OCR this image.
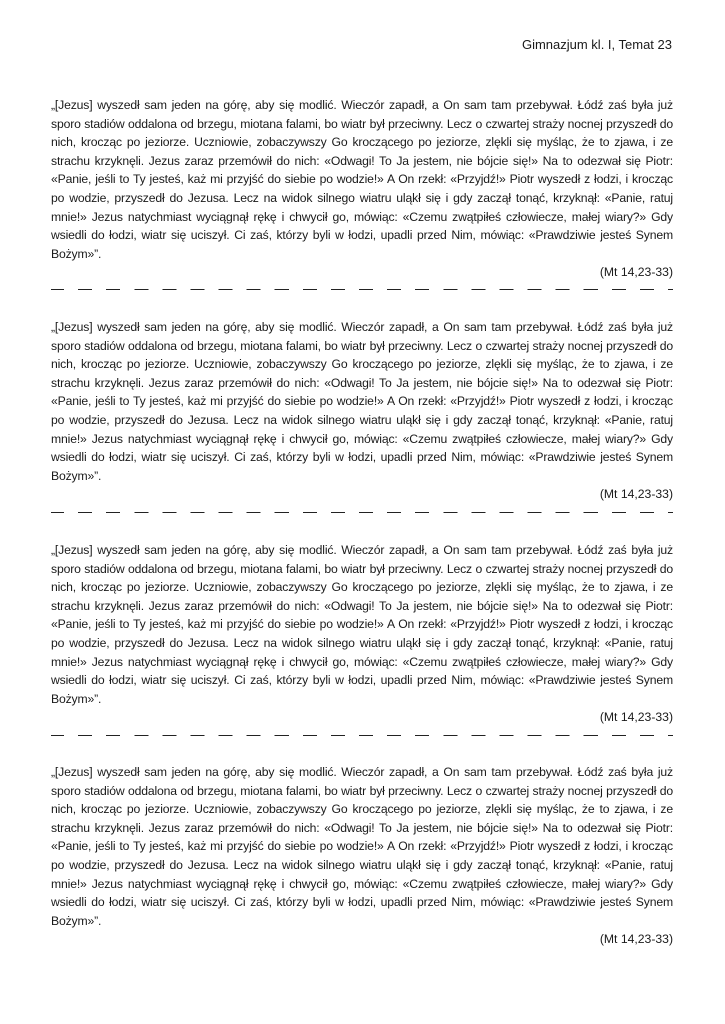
Gimnazjum kl. I, Temat 23

„[Jezus] wyszedł sam jeden na górę, aby się modlić. Wieczór zapadł, a On sam tam przebywał. Łódź zaś była już sporo stadiów oddalona od brzegu, miotana falami, bo wiatr był przeciwny. Lecz o czwartej straży nocnej przyszedł do nich, krocząc po jeziorze. Uczniowie, zobaczywszy Go kroczącego po jeziorze, zlękli się myśląc, że to zjawa, i ze strachu krzyknęli. Jezus zaraz przemówił do nich: «Odwagi! To Ja jestem, nie bójcie się!» Na to odezwał się Piotr: «Panie, jeśli to Ty jesteś, każ mi przyjść do siebie po wodzie!» A On rzekł: «Przyjdź!» Piotr wyszedł z łodzi, i krocząc po wodzie, przyszedł do Jezusa. Lecz na widok silnego wiatru uląkł się i gdy zaczął tonąć, krzyknął: «Panie, ratuj mnie!» Jezus natychmiast wyciągnął rękę i chwycił go, mówiąc: «Czemu zwątpiłeś człowiecze, małej wiary?» Gdy wsiedli do łodzi, wiatr się uciszył. Ci zaś, którzy byli w łodzi, upadli przed Nim, mówiąc: «Prawdziwie jesteś Synem Bożym»”.

(Mt 14,23-33)

„[Jezus] wyszedł sam jeden na górę, aby się modlić. Wieczór zapadł, a On sam tam przebywał. Łódź zaś była już sporo stadiów oddalona od brzegu, miotana falami, bo wiatr był przeciwny. Lecz o czwartej straży nocnej przyszedł do nich, krocząc po jeziorze. Uczniowie, zobaczywszy Go kroczącego po jeziorze, zlękli się myśląc, że to zjawa, i ze strachu krzyknęli. Jezus zaraz przemówił do nich: «Odwagi! To Ja jestem, nie bójcie się!» Na to odezwał się Piotr: «Panie, jeśli to Ty jesteś, każ mi przyjść do siebie po wodzie!» A On rzekł: «Przyjdź!» Piotr wyszedł z łodzi, i krocząc po wodzie, przyszedł do Jezusa. Lecz na widok silnego wiatru uląkł się i gdy zaczął tonąć, krzyknął: «Panie, ratuj mnie!» Jezus natychmiast wyciągnął rękę i chwycił go, mówiąc: «Czemu zwątpiłeś człowiecze, małej wiary?» Gdy wsiedli do łodzi, wiatr się uciszył. Ci zaś, którzy byli w łodzi, upadli przed Nim, mówiąc: «Prawdziwie jesteś Synem Bożym»”.

(Mt 14,23-33)

„[Jezus] wyszedł sam jeden na górę, aby się modlić. Wieczór zapadł, a On sam tam przebywał. Łódź zaś była już sporo stadiów oddalona od brzegu, miotana falami, bo wiatr był przeciwny. Lecz o czwartej straży nocnej przyszedł do nich, krocząc po jeziorze. Uczniowie, zobaczywszy Go kroczącego po jeziorze, zlękli się myśląc, że to zjawa, i ze strachu krzyknęli. Jezus zaraz przemówił do nich: «Odwagi! To Ja jestem, nie bójcie się!» Na to odezwał się Piotr: «Panie, jeśli to Ty jesteś, każ mi przyjść do siebie po wodzie!» A On rzekł: «Przyjdź!» Piotr wyszedł z łodzi, i krocząc po wodzie, przyszedł do Jezusa. Lecz na widok silnego wiatru uląkł się i gdy zaczął tonąć, krzyknął: «Panie, ratuj mnie!» Jezus natychmiast wyciągnął rękę i chwycił go, mówiąc: «Czemu zwątpiłeś człowiecze, małej wiary?» Gdy wsiedli do łodzi, wiatr się uciszył. Ci zaś, którzy byli w łodzi, upadli przed Nim, mówiąc: «Prawdziwie jesteś Synem Bożym»”.

(Mt 14,23-33)

„[Jezus] wyszedł sam jeden na górę, aby się modlić. Wieczór zapadł, a On sam tam przebywał. Łódź zaś była już sporo stadiów oddalona od brzegu, miotana falami, bo wiatr był przeciwny. Lecz o czwartej straży nocnej przyszedł do nich, krocząc po jeziorze. Uczniowie, zobaczywszy Go kroczącego po jeziorze, zlękli się myśląc, że to zjawa, i ze strachu krzyknęli. Jezus zaraz przemówił do nich: «Odwagi! To Ja jestem, nie bójcie się!» Na to odezwał się Piotr: «Panie, jeśli to Ty jesteś, każ mi przyjść do siebie po wodzie!» A On rzekł: «Przyjdź!» Piotr wyszedł z łodzi, i krocząc po wodzie, przyszedł do Jezusa. Lecz na widok silnego wiatru uląkł się i gdy zaczął tonąć, krzyknął: «Panie, ratuj mnie!» Jezus natychmiast wyciągnął rękę i chwycił go, mówiąc: «Czemu zwątpiłeś człowiecze, małej wiary?» Gdy wsiedli do łodzi, wiatr się uciszył. Ci zaś, którzy byli w łodzi, upadli przed Nim, mówiąc: «Prawdziwie jesteś Synem Bożym»”.

(Mt 14,23-33)
